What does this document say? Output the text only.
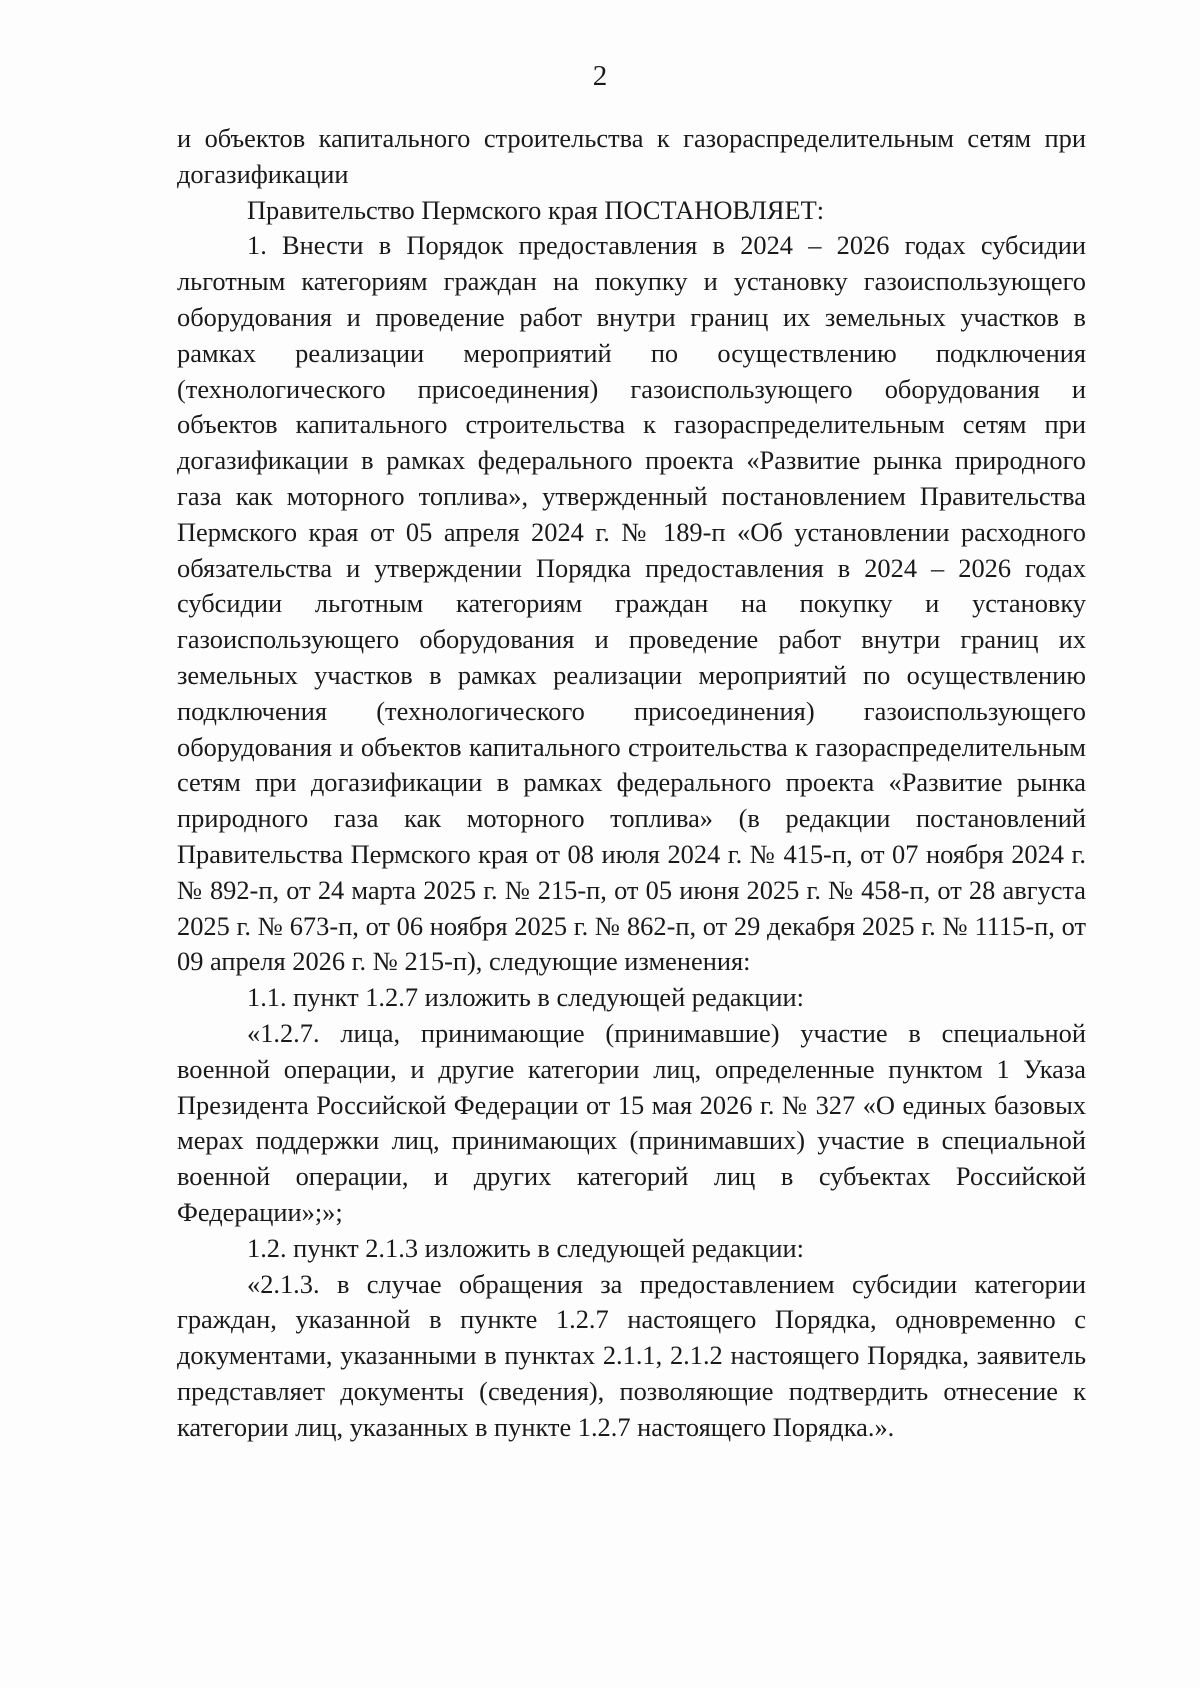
2

и объектов капитального строительства к газораспределительным сетям при догазификации

Правительство Пермского края ПОСТАНОВЛЯЕТ:

1. Внести в Порядок предоставления в 2024 – 2026 годах субсидии льготным категориям граждан на покупку и установку газоиспользующего оборудования и проведение работ внутри границ их земельных участков в рамках реализации мероприятий по осуществлению подключения (технологического присоединения) газоиспользующего оборудования и объектов капитального строительства к газораспределительным сетям при догазификации в рамках федерального проекта «Развитие рынка природного газа как моторного топлива», утвержденный постановлением Правительства Пермского края от 05 апреля 2024 г. № 189-п «Об установлении расходного обязательства и утверждении Порядка предоставления в 2024 – 2026 годах субсидии льготным категориям граждан на покупку и установку газоиспользующего оборудования и проведение работ внутри границ их земельных участков в рамках реализации мероприятий по осуществлению подключения (технологического присоединения) газоиспользующего оборудования и объектов капитального строительства к газораспределительным сетям при догазификации в рамках федерального проекта «Развитие рынка природного газа как моторного топлива» (в редакции постановлений Правительства Пермского края от 08 июля 2024 г. № 415-п, от 07 ноября 2024 г. № 892-п, от 24 марта 2025 г. № 215-п, от 05 июня 2025 г. № 458-п, от 28 августа 2025 г. № 673-п, от 06 ноября 2025 г. № 862-п, от 29 декабря 2025 г. № 1115-п, от 09 апреля 2026 г. № 215-п), следующие изменения:

1.1. пункт 1.2.7 изложить в следующей редакции:

«1.2.7. лица, принимающие (принимавшие) участие в специальной военной операции, и другие категории лиц, определенные пунктом 1 Указа Президента Российской Федерации от 15 мая 2026 г. № 327 «О единых базовых мерах поддержки лиц, принимающих (принимавших) участие в специальной военной операции, и других категорий лиц в субъектах Российской Федерации»;»;

1.2. пункт 2.1.3 изложить в следующей редакции:

«2.1.3. в случае обращения за предоставлением субсидии категории граждан, указанной в пункте 1.2.7 настоящего Порядка, одновременно с документами, указанными в пунктах 2.1.1, 2.1.2 настоящего Порядка, заявитель представляет документы (сведения), позволяющие подтвердить отнесение к категории лиц, указанных в пункте 1.2.7 настоящего Порядка.».
